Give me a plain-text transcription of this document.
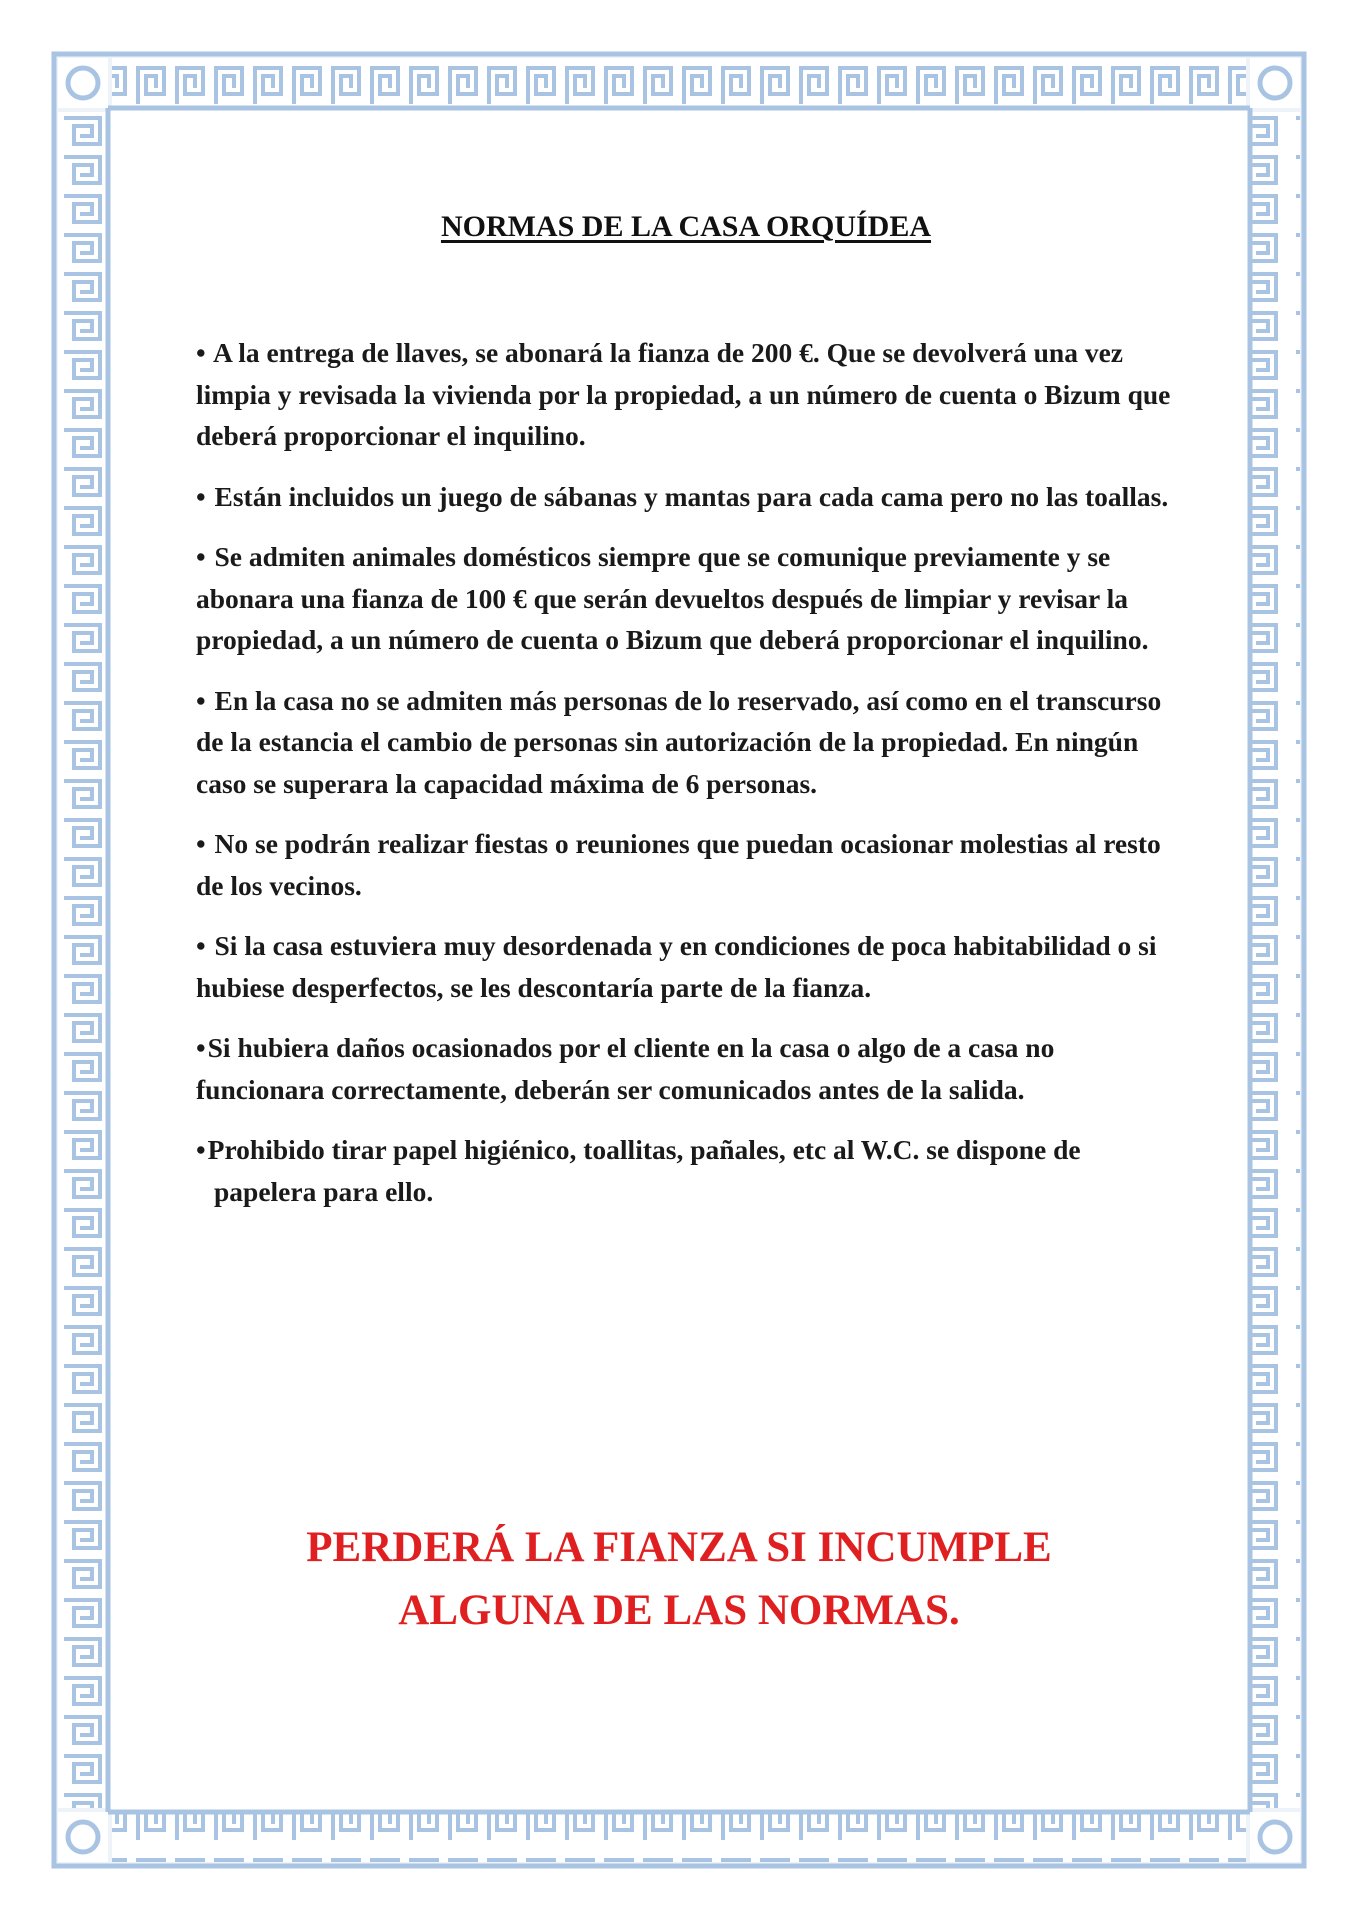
NORMAS DE LA CASA ORQUÍDEA
• A la entrega de llaves, se abonará la fianza de 200 €. Que se devolverá una vez limpia y revisada la vivienda por la propiedad, a un número de cuenta o Bizum que deberá proporcionar el inquilino.
• Están incluidos un juego de sábanas y mantas para cada cama pero no las toallas.
• Se admiten animales domésticos siempre que se comunique previamente y se abonara una fianza de 100 € que serán devueltos después de limpiar y revisar la propiedad, a un número de cuenta o Bizum que deberá proporcionar el inquilino.
• En la casa no se admiten más personas de lo reservado, así como en el transcurso de la estancia el cambio de personas sin autorización de la propiedad. En ningún caso se superara la capacidad máxima de 6 personas.
• No se podrán realizar fiestas o reuniones que puedan ocasionar molestias al resto de los vecinos.
• Si la casa estuviera muy desordenada y en condiciones de poca habitabilidad o si hubiese desperfectos, se les descontaría parte de la fianza.
•Si hubiera daños ocasionados por el cliente en la casa o algo de a casa no funcionara correctamente, deberán ser comunicados antes de la salida.
•Prohibido tirar papel higiénico, toallitas, pañales, etc al W.C. se dispone de papelera para ello.
PERDERÁ LA FIANZA SI INCUMPLE
ALGUNA DE LAS NORMAS.
